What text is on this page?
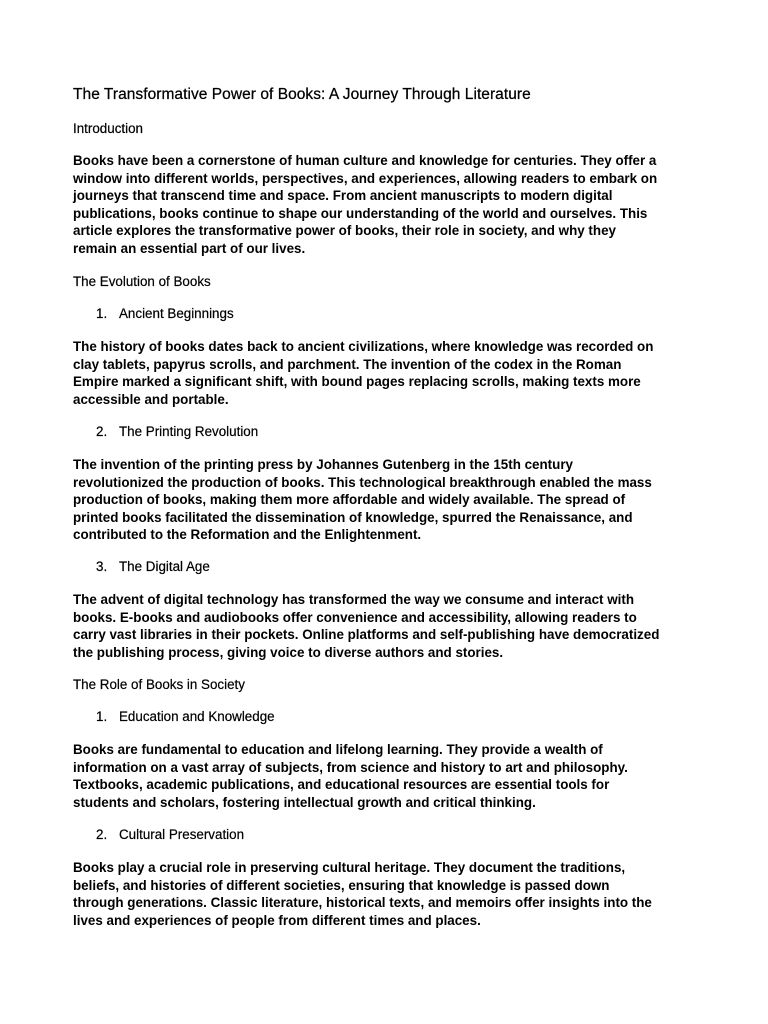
The Transformative Power of Books: A Journey Through Literature
Introduction
Books have been a cornerstone of human culture and knowledge for centuries. They offer a
window into different worlds, perspectives, and experiences, allowing readers to embark on
journeys that transcend time and space. From ancient manuscripts to modern digital
publications, books continue to shape our understanding of the world and ourselves. This
article explores the transformative power of books, their role in society, and why they
remain an essential part of our lives.
The Evolution of Books
1. Ancient Beginnings
The history of books dates back to ancient civilizations, where knowledge was recorded on
clay tablets, papyrus scrolls, and parchment. The invention of the codex in the Roman
Empire marked a significant shift, with bound pages replacing scrolls, making texts more
accessible and portable.
2. The Printing Revolution
The invention of the printing press by Johannes Gutenberg in the 15th century
revolutionized the production of books. This technological breakthrough enabled the mass
production of books, making them more affordable and widely available. The spread of
printed books facilitated the dissemination of knowledge, spurred the Renaissance, and
contributed to the Reformation and the Enlightenment.
3. The Digital Age
The advent of digital technology has transformed the way we consume and interact with
books. E-books and audiobooks offer convenience and accessibility, allowing readers to
carry vast libraries in their pockets. Online platforms and self-publishing have democratized
the publishing process, giving voice to diverse authors and stories.
The Role of Books in Society
1. Education and Knowledge
Books are fundamental to education and lifelong learning. They provide a wealth of
information on a vast array of subjects, from science and history to art and philosophy.
Textbooks, academic publications, and educational resources are essential tools for
students and scholars, fostering intellectual growth and critical thinking.
2. Cultural Preservation
Books play a crucial role in preserving cultural heritage. They document the traditions,
beliefs, and histories of different societies, ensuring that knowledge is passed down
through generations. Classic literature, historical texts, and memoirs offer insights into the
lives and experiences of people from different times and places.
